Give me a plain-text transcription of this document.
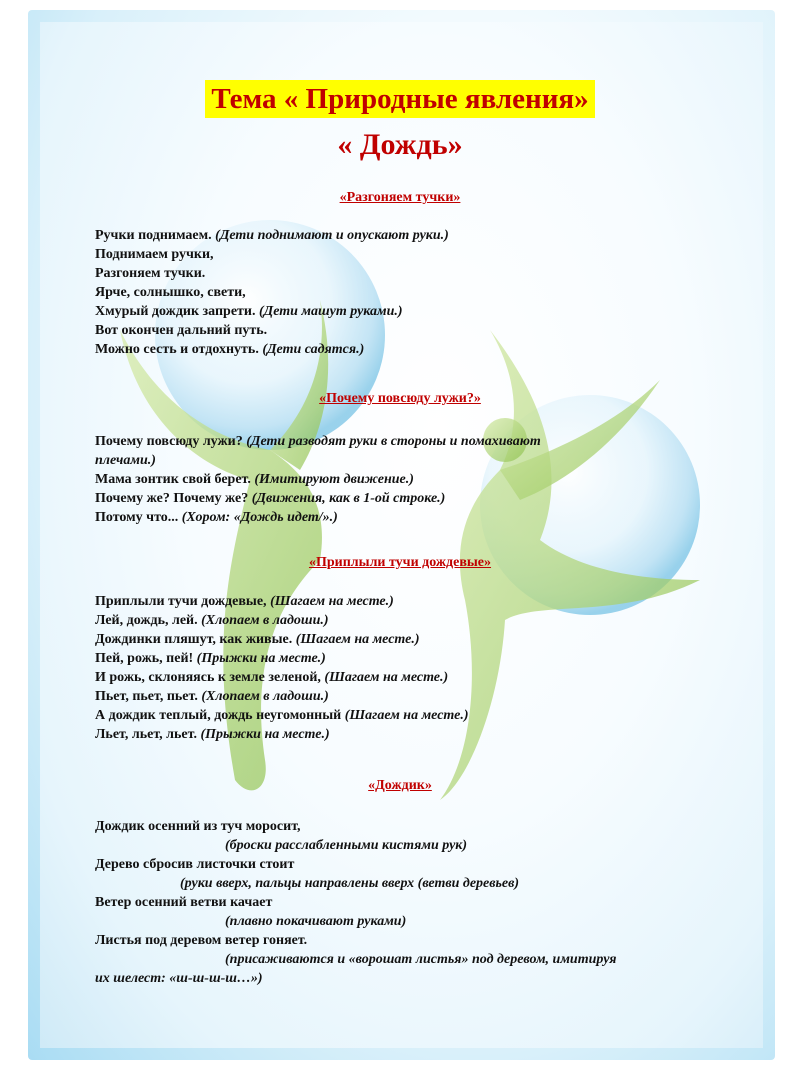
Тема « Природные явления»
« Дождь»
«Разгоняем тучки»
Ручки поднимаем. (Дети поднимают и опускают руки.)
Поднимаем ручки,
Разгоняем тучки.
Ярче, солнышко, свети,
Хмурый дождик запрети. (Дети машут руками.)
Вот окончен дальний путь.
Можно сесть и отдохнуть. (Дети садятся.)
«Почему повсюду лужи?»
Почему повсюду лужи? (Дети разводят руки в стороны и помахивают
плечами.)
Мама зонтик свой берет. (Имитируют движение.)
Почему же? Почему же? (Движения, как в 1-ой строке.)
Потому что... (Хором: «Дождь идет/».)
«Приплыли тучи дождевые»
Приплыли тучи дождевые, (Шагаем на месте.)
Лей, дождь, лей. (Хлопаем в ладоши.)
Дождинки пляшут, как живые. (Шагаем на месте.)
Пей, рожь, пей! (Прыжки на месте.)
И рожь, склоняясь к земле зеленой, (Шагаем на месте.)
Пьет, пьет, пьет. (Хлопаем в ладоши.)
А дождик теплый, дождь неугомонный (Шагаем на месте.)
Льет, льет, льет. (Прыжки на месте.)
«Дождик»
Дождик осенний из туч моросит,
(броски расслабленными кистями рук)
Дерево сбросив листочки стоит
(руки вверх, пальцы направлены вверх (ветви деревьев)
Ветер осенний ветви качает
(плавно покачивают руками)
Листья под деревом ветер гоняет.
(присаживаются и «ворошат листья» под деревом, имитируя
их шелест: «ш-ш-ш-ш…»)
